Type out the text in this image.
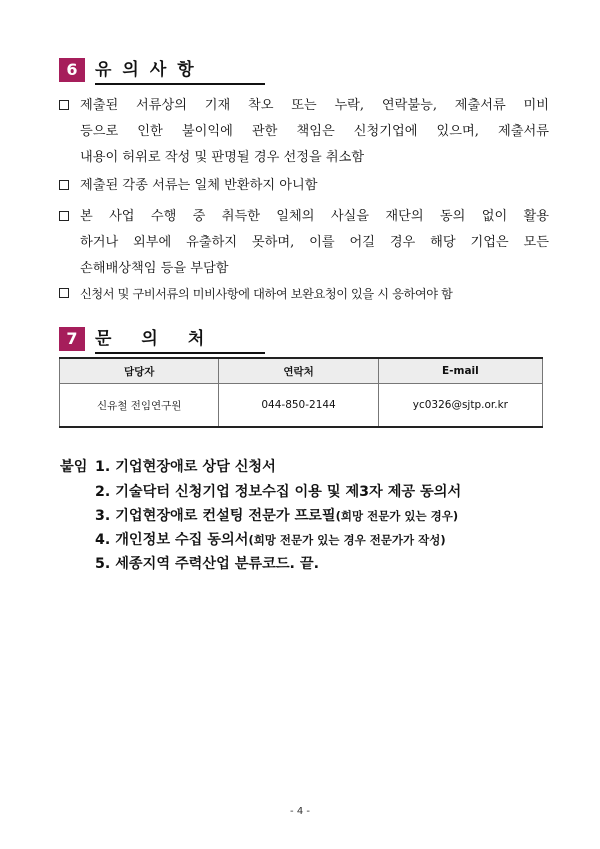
6	유의사항
제출된 서류상의 기재 착오 또는 누락, 연락불능, 제출서류 미비
등으로 인한 불이익에 관한 책임은 신청기업에 있으며, 제출서류
내용이 허위로 작성 및 판명될 경우 선정을 취소함
제출된 각종 서류는 일체 반환하지 아니함
본 사업 수행 중 취득한 일체의 사실을 재단의 동의 없이 활용
하거나 외부에 유출하지 못하며, 이를 어길 경우 해당 기업은 모든
손해배상책임 등을 부담함
신청서 및 구비서류의 미비사항에 대하여 보완요청이 있을 시 응하여야 함
7	문의처
담당자	연락처	E-mail
신유철 전임연구원	044-850-2144	yc0326@sjtp.or.kr
붙임 1. 기업현장애로 상담 신청서
2. 기술닥터 신청기업 정보수집 이용 및 제3자 제공 동의서
3. 기업현장애로 컨설팅 전문가 프로필(희망 전문가 있는 경우)
4. 개인정보 수집 동의서(희망 전문가 있는 경우 전문가가 작성)
5. 세종지역 주력산업 분류코드. 끝.
- 4 -
